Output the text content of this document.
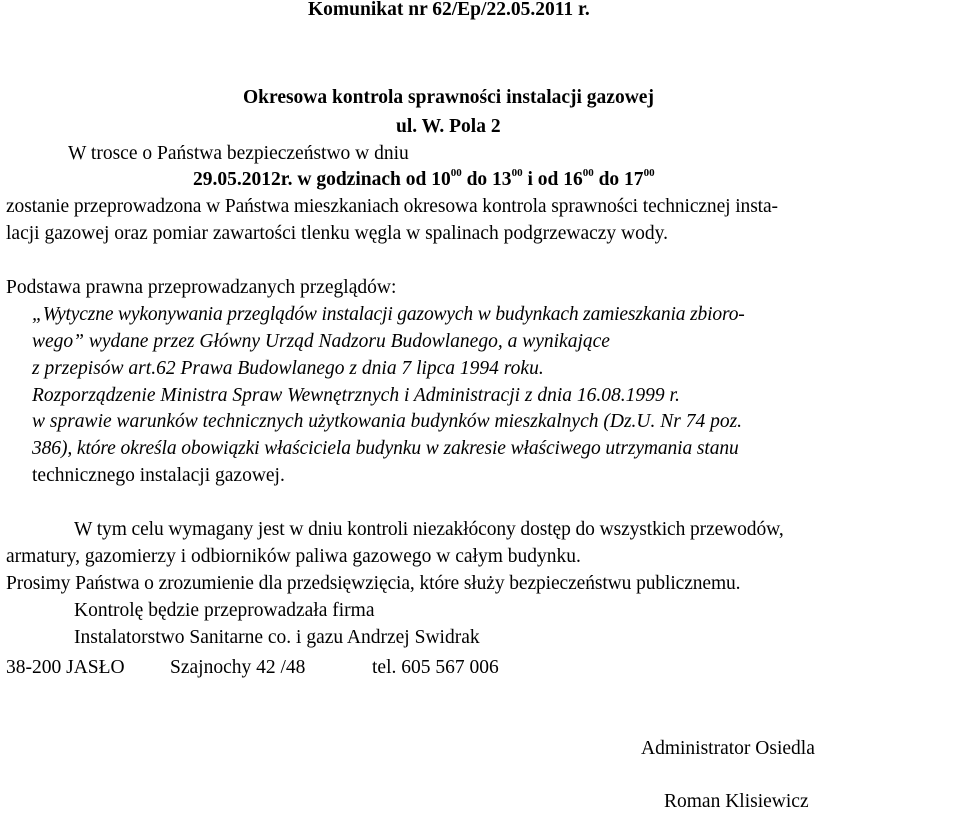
Komunikat nr 62/Ep/22.05.2011 r.
Okresowa kontrola sprawności instalacji gazowej
ul. W. Pola 2
W trosce o Państwa bezpieczeństwo w dniu
29.05.2012r. w godzinach od $10^{00}$ do $13^{00}$ i od $16^{00}$ do $17^{00}$
zostanie przeprowadzona w Państwa mieszkaniach okresowa kontrola sprawności technicznej insta-
lacji gazowej oraz pomiar zawartości tlenku węgla w spalinach podgrzewaczy wody.
Podstawa prawna przeprowadzanych przeglądów:
„Wytyczne wykonywania przeglądów instalacji gazowych w budynkach zamieszkania zbioro-
wego” wydane przez Główny Urząd Nadzoru Budowlanego, a wynikające
z przepisów art.62 Prawa Budowlanego z dnia 7 lipca 1994 roku.
Rozporządzenie Ministra Spraw Wewnętrznych i Administracji z dnia 16.08.1999 r.
w sprawie warunków technicznych użytkowania budynków mieszkalnych (Dz.U. Nr 74 poz.
386), które określa obowiązki właściciela budynku w zakresie właściwego utrzymania stanu
technicznego instalacji gazowej.
W tym celu wymagany jest w dniu kontroli niezakłócony dostęp do wszystkich przewodów,
armatury, gazomierzy i odbiorników paliwa gazowego w całym budynku.
Prosimy Państwa o zrozumienie dla przedsięwzięcia, które służy bezpieczeństwu publicznemu.
Kontrolę będzie przeprowadzała firma
Instalatorstwo Sanitarne co. i gazu Andrzej Swidrak
38-200 JASŁO Szajnochy 42 /48	tel. 605 567 006
Administrator Osiedla
Roman Klisiewicz
